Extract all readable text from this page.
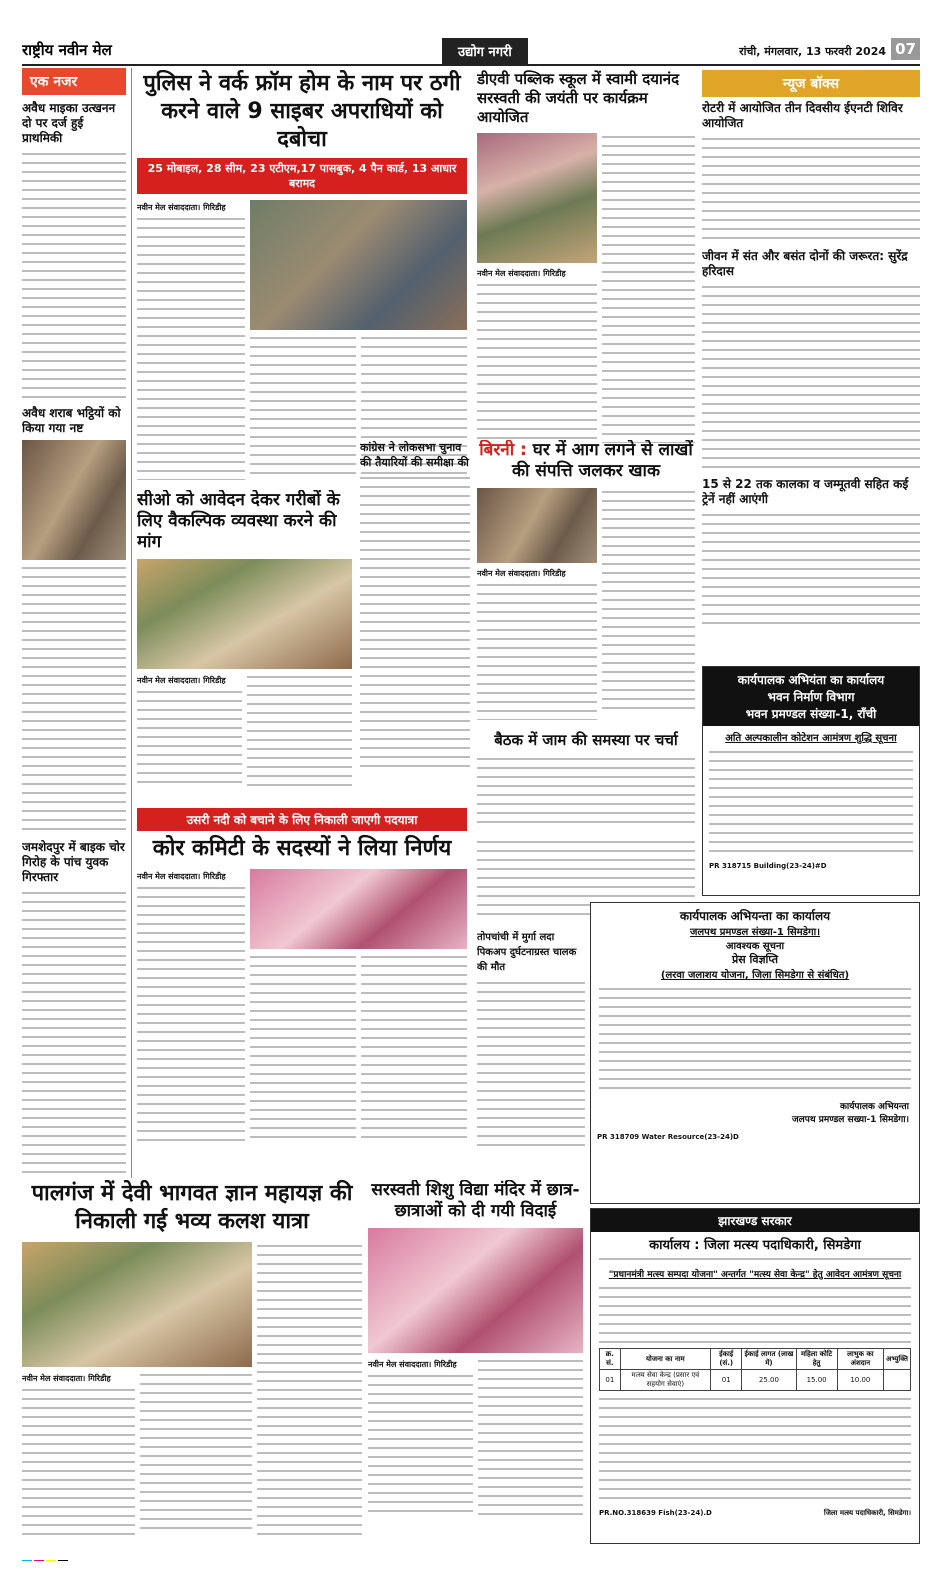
राष्ट्रीय नवीन मेल	उद्योग नगरी	रांची, मंगलवार, 13 फरवरी 2024 07
एक नजर
अवैध माइका उत्खनन दो पर दर्ज हुई प्राथमिकी
अवैध शराब भट्ठियों को किया गया नष्ट
जमशेदपुर में बाइक चोर गिरोह के पांच युवक गिरफ्तार
पुलिस ने वर्क फ्रॉम होम के नाम पर ठगी करने वाले 9 साइबर अपराधियों को दबोचा
25 मोबाइल, 28 सीम, 23 एटीएम,17 पासबुक, 4 पैन कार्ड, 13 आधार बरामद
नवीन मेल संवाददाता। गिरिडीह
डीएवी पब्लिक स्कूल में स्वामी दयानंद सरस्वती की जयंती पर कार्यक्रम आयोजित
नवीन मेल संवाददाता। गिरिडीह
न्यूज बॉक्स
रोटरी में आयोजित तीन दिवसीय ईएनटी शिविर आयोजित
जीवन में संत और बसंत दोनों की जरूरत: सुरेंद्र हरिदास
15 से 22 तक कालका व जम्मूतवी सहित कई ट्रेनें नहीं आएंगी
सीओ को आवेदन देकर गरीबों के लिए वैकल्पिक व्यवस्था करने की मांग
नवीन मेल संवाददाता। गिरिडीह
कांग्रेस ने लोकसभा चुनाव की तैयारियों की समीक्षा की
बिरनी : घर में आग लगने से लाखों की संपत्ति जलकर खाक
नवीन मेल संवाददाता। गिरिडीह
बैठक में जाम की समस्या पर चर्चा
कार्यपालक अभियंता का कार्यालय
भवन निर्माण विभाग
भवन प्रमण्डल संख्या-1, राँची
अति अल्पकालीन कोटेशन आमंत्रण शुद्धि सूचना
PR 318715 Building(23-24)#D
उसरी नदी को बचाने के लिए निकाली जाएगी पदयात्रा
कोर कमिटी के सदस्यों ने लिया निर्णय
नवीन मेल संवाददाता। गिरिडीह
तोपचांची में मुर्गा लदा पिकअप दुर्घटनाग्रस्त चालक की मौत
कार्यपालक अभियन्ता का कार्यालय
जलपथ प्रमण्डल संख्या-1 सिमडेगा।
आवश्यक सूचना
प्रेस विज्ञप्ति
(लरवा जलाशय योजना, जिला सिमडेगा से संबंधित)
कार्यपालक अभियन्ता
जलपथ प्रमण्डल सख्या-1 सिमडेगा।
PR 318709 Water Resource(23-24)D
झारखण्ड सरकार
कार्यालय : जिला मत्स्य पदाधिकारी, सिमडेगा
"प्रधानमंत्री मत्स्य सम्पदा योजना" अन्तर्गत "मत्स्य सेवा केन्द्र" हेतु आवेदन आमंत्रण सूचना
क्र. सं.	योजना का नाम	ईकाई (सं.)	ईकाई लागत (लाख में)	महिला कोटि हेतु	लाभुक का अंशदान	अभ्युक्ति
01	मत्स्य सेवा केन्द्र (प्रसार एवं सहयोग सेवाएं)	01	25.00	15.00	10.00	
PR.NO.318639 Fish(23-24).D	जिला मत्स्य पदाधिकारी, सिमडेगा।
पालगंज में देवी भागवत ज्ञान महायज्ञ की निकाली गई भव्य कलश यात्रा
नवीन मेल संवाददाता। गिरिडीह
सरस्वती शिशु विद्या मंदिर में छात्र-छात्राओं को दी गयी विदाई
नवीन मेल संवाददाता। गिरिडीह
